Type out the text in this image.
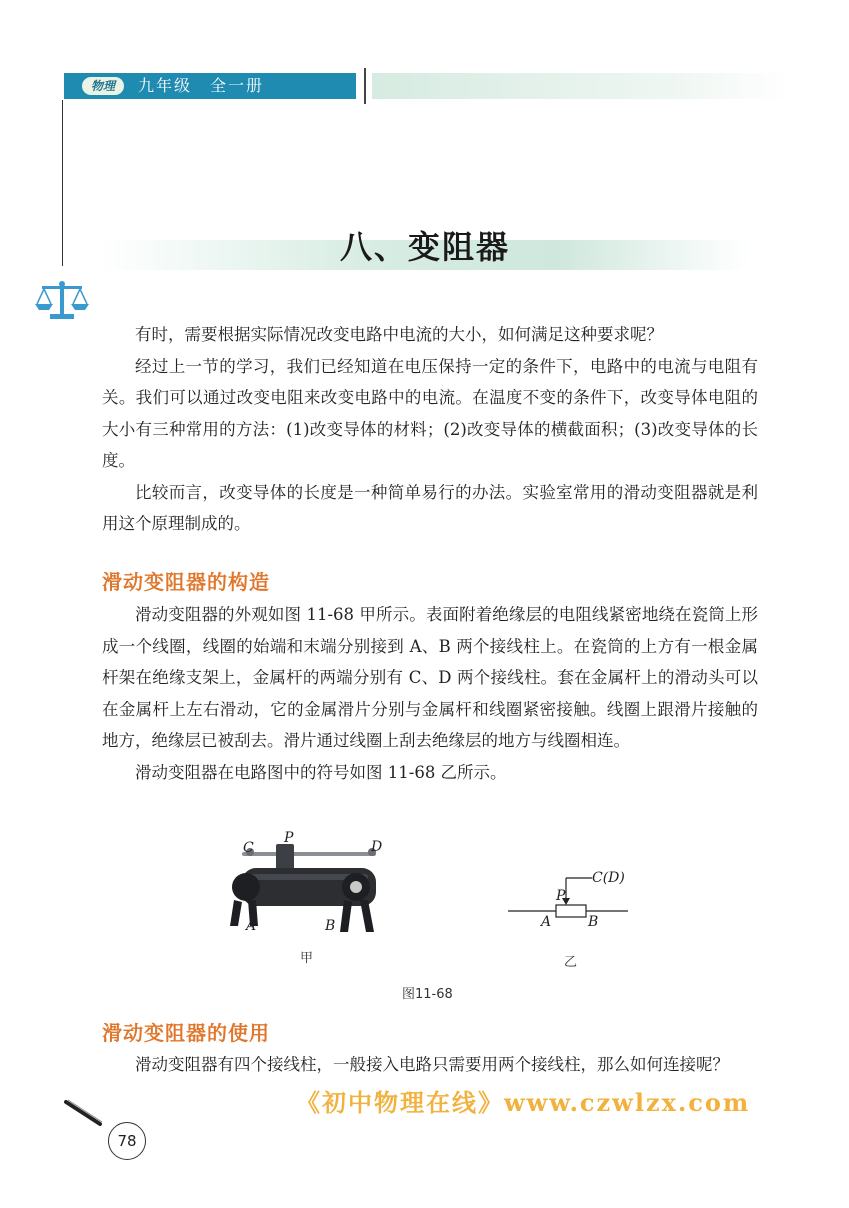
物理	九年级　全一册
八、变阻器

有时，需要根据实际情况改变电路中电流的大小，如何满足这种要求呢？

经过上一节的学习，我们已经知道在电压保持一定的条件下，电路中的电流与电阻有关。我们可以通过改变电阻来改变电路中的电流。在温度不变的条件下，改变导体电阻的大小有三种常用的方法：(1)改变导体的材料；(2)改变导体的横截面积；(3)改变导体的长度。

比较而言，改变导体的长度是一种简单易行的办法。实验室常用的滑动变阻器就是利用这个原理制成的。

滑动变阻器的构造

滑动变阻器的外观如图 11-68 甲所示。表面附着绝缘层的电阻线紧密地绕在瓷筒上形成一个线圈，线圈的始端和末端分别接到 A、B 两个接线柱上。在瓷筒的上方有一根金属杆架在绝缘支架上，金属杆的两端分别有 C、D 两个接线柱。套在金属杆上的滑动头可以在金属杆上左右滑动，它的金属滑片分别与金属杆和线圈紧密接触。线圈上跟滑片接触的地方，绝缘层已被刮去。滑片通过线圈上刮去绝缘层的地方与线圈相连。

滑动变阻器在电路图中的符号如图 11-68 乙所示。

C
P
D
A	B
甲
C(D)
P
A	B
乙
图11-68
滑动变阻器的使用

滑动变阻器有四个接线柱，一般接入电路只需要用两个接线柱，那么如何连接呢？

78
《初中物理在线》www.czwlzx.com
